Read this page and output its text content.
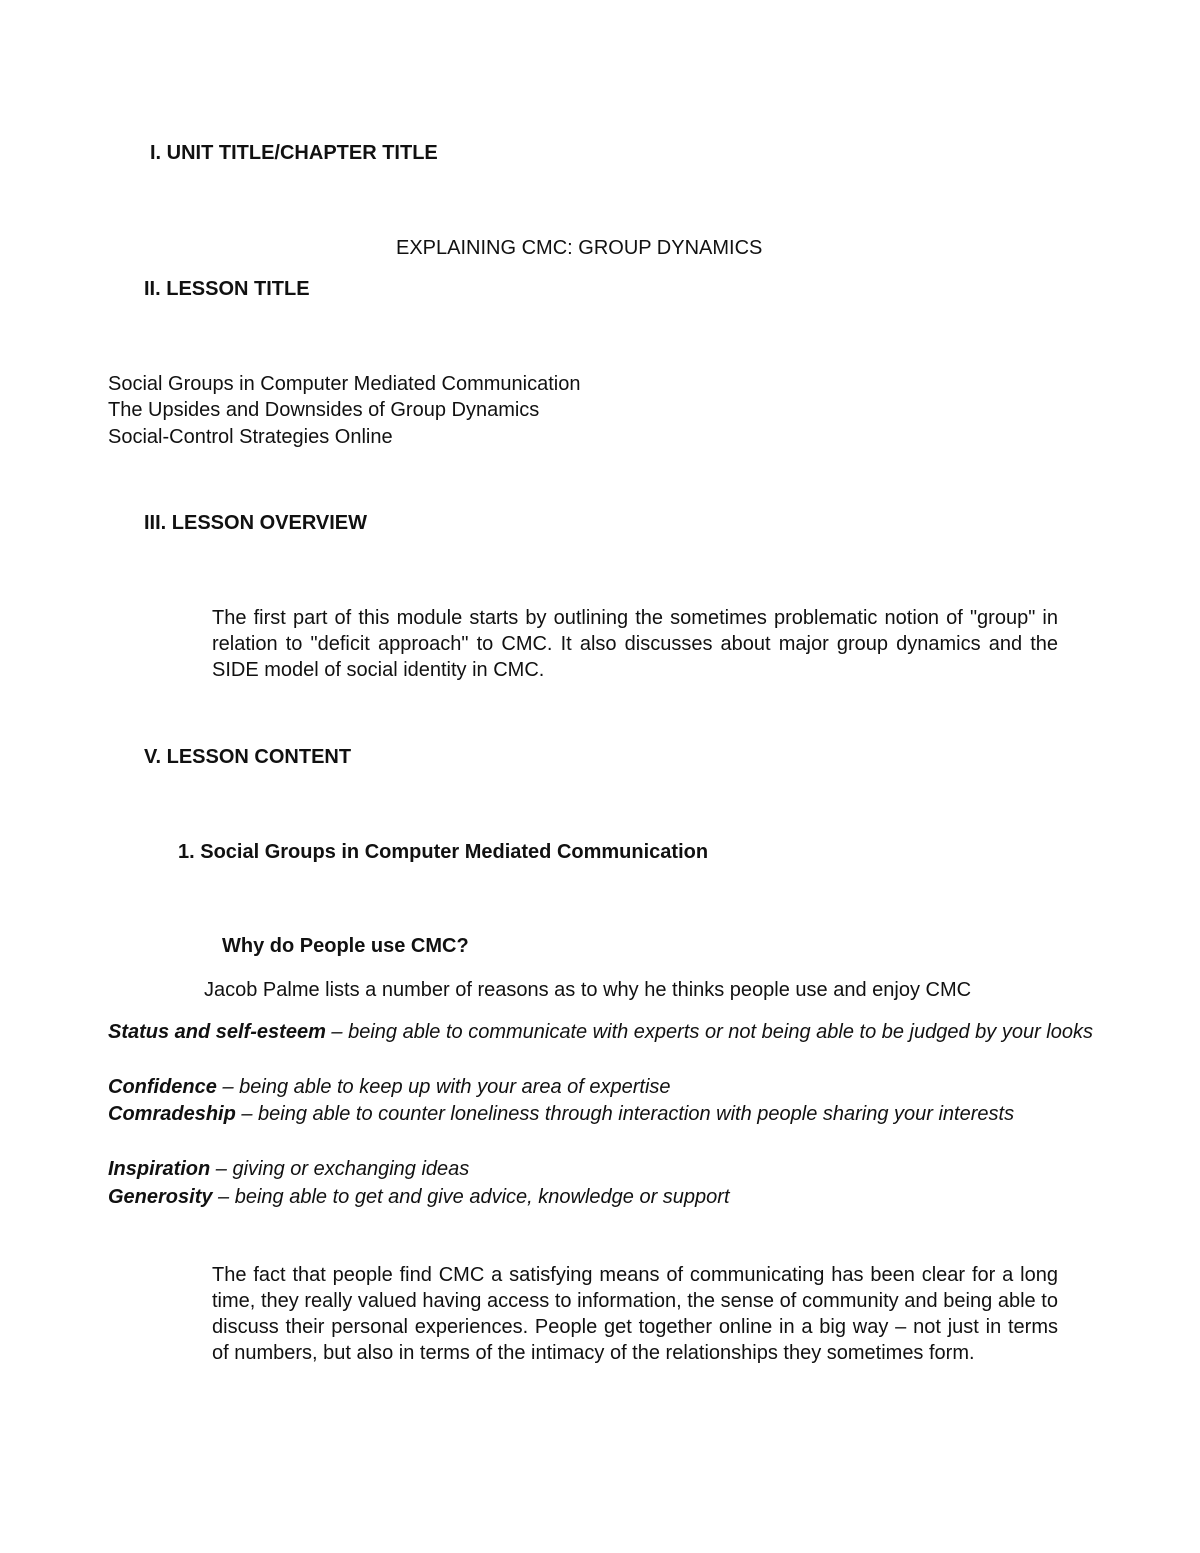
I. UNIT TITLE/CHAPTER TITLE
EXPLAINING CMC: GROUP DYNAMICS
II. LESSON TITLE
Social Groups in Computer Mediated Communication
The Upsides and Downsides of Group Dynamics
Social-Control Strategies Online
III. LESSON OVERVIEW
The first part of this module starts by outlining the sometimes problematic notion of "group" in relation to "deficit approach" to CMC. It also discusses about major group dynamics and the SIDE model of social identity in CMC.
V. LESSON CONTENT
1. Social Groups in Computer Mediated Communication
Why do People use CMC?
Jacob Palme lists a number of reasons as to why he thinks people use and enjoy CMC
Status and self-esteem – being able to communicate with experts or not being able to be judged by your looks
Confidence – being able to keep up with your area of expertise
Comradeship – being able to counter loneliness through interaction with people sharing your interests
Inspiration – giving or exchanging ideas
Generosity – being able to get and give advice, knowledge or support
The fact that people find CMC a satisfying means of communicating has been clear for a long time, they really valued having access to information, the sense of community and being able to discuss their personal experiences. People get together online in a big way – not just in terms of numbers, but also in terms of the intimacy of the relationships they sometimes form.
